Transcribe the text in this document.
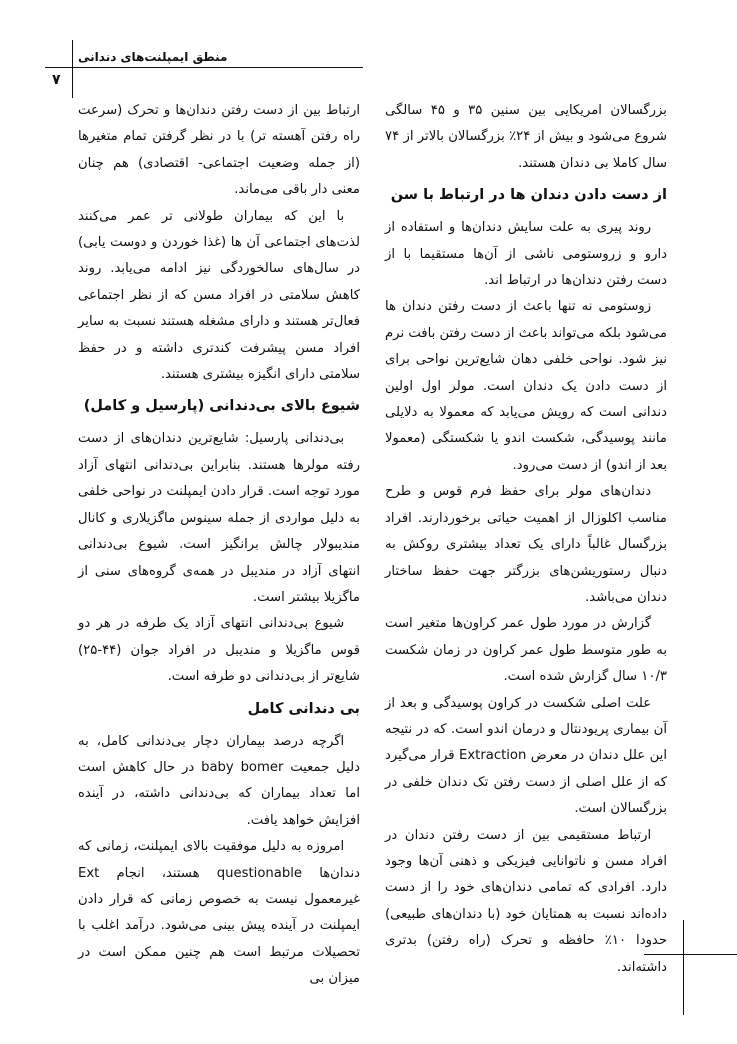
منطق ایمپلنت‌های دندانی
۷

بزرگسالان امریکایی بین سنین ۳۵ و ۴۵ سالگی شروع می‌شود و بیش از ۲۴٪ بزرگسالان بالاتر از ۷۴ سال کاملا بی دندان هستند.

از دست دادن دندان ها در ارتباط با سن

روند پیری به علت سایش دندان‌ها و استفاده از دارو و زروستومی ناشی از آن‌ها مستقیما با از دست رفتن دندان‌ها در ارتباط اند.

زوستومی نه تنها باعث از دست رفتن دندان ها می‌شود بلکه می‌تواند باعث از دست رفتن بافت نرم نیز شود. نواحی خلفی دهان شایع‌ترین نواحی برای از دست دادن یک دندان است. مولر اول اولین دندانی است که رویش می‌یابد که معمولا به دلایلی مانند پوسیدگی، شکست اندو یا شکستگی (معمولا بعد از اندو) از دست می‌رود.

دندان‌های مولر برای حفظ فرم قوس و طرح مناسب اکلوزال از اهمیت حیاتی برخوردارند. افراد بزرگسال غالباً دارای یک تعداد بیشتری روکش به دنبال رستوریشن‌های بزرگتر جهت حفظ ساختار دندان می‌باشد.

گزارش در مورد طول عمر کراون‌ها متغیر است به طور متوسط طول عمر کراون در زمان شکست ۱۰/۳ سال گزارش شده است.

علت اصلی شکست در کراون پوسیدگی و بعد از آن بیماری پریودنتال و درمان اندو است. که در نتیجه این علل دندان در معرض Extraction قرار می‌گیرد که از علل اصلی از دست رفتن تک دندان خلفی در بزرگسالان است.

ارتباط مستقیمی بین از دست رفتن دندان در افراد مسن و ناتوانایی فیزیکی و ذهنی آن‌ها وجود دارد. افرادی که تمامی دندان‌های خود را از دست داده‌اند نسبت به همتایان خود (با دندان‌های طبیعی) حدودا ۱۰٪ حافظه و تحرک (راه رفتن) بدتری داشته‌اند.

ارتباط بین از دست رفتن دندان‌ها و تحرک (سرعت راه رفتن آهسته تر) با در نظر گرفتن تمام متغیرها (از جمله وضعیت اجتماعی- اقتصادی) هم چنان معنی دار باقی می‌ماند.

با این که بیماران طولانی تر عمر می‌کنند لذت‌های اجتماعی آن ها (غذا خوردن و دوست یابی) در سال‌های سالخوردگی نیز ادامه می‌یابد. روند کاهش سلامتی در افراد مسن که از نظر اجتماعی فعال‌تر هستند و دارای مشغله هستند نسبت به سایر افراد مسن پیشرفت کندتری داشته و در حفظ سلامتی دارای انگیزه بیشتری هستند.

شیوع بالای بی‌دندانی (پارسیل و کامل)

بی‌دندانی پارسیل: شایع‌ترین دندان‌های از دست رفته مولرها هستند. بنابراین بی‌دندانی انتهای آزاد مورد توجه است. قرار دادن ایمپلنت در نواحی خلفی به دلیل مواردی از جمله سینوس ماگزیلاری و کانال مندیبولار چالش برانگیز است. شیوع بی‌دندانی انتهای آزاد در مندیبل در همه‌ی گروه‌های سنی از ماگزیلا بیشتر است.

شیوع بی‌دندانی انتهای آزاد یک طرفه در هر دو قوس ماگزیلا و مندیبل در افراد جوان (۴۴-۲۵) شایع‌تر از بی‌دندانی دو طرفه است.

بی دندانی کامل

اگرچه درصد بیماران دچار بی‌دندانی کامل، به دلیل جمعیت baby bomer در حال کاهش است اما تعداد بیماران که بی‌دندانی داشته، در آینده افزایش خواهد یافت.

امروزه به دلیل موفقیت بالای ایمپلنت، زمانی که دندان‌ها questionable هستند، انجام Ext غیرمعمول نیست به خصوص زمانی که قرار دادن ایمپلنت در آینده پیش بینی می‌شود. درآمد اغلب با تحصیلات مرتبط است هم چنین ممکن است در میزان بی
